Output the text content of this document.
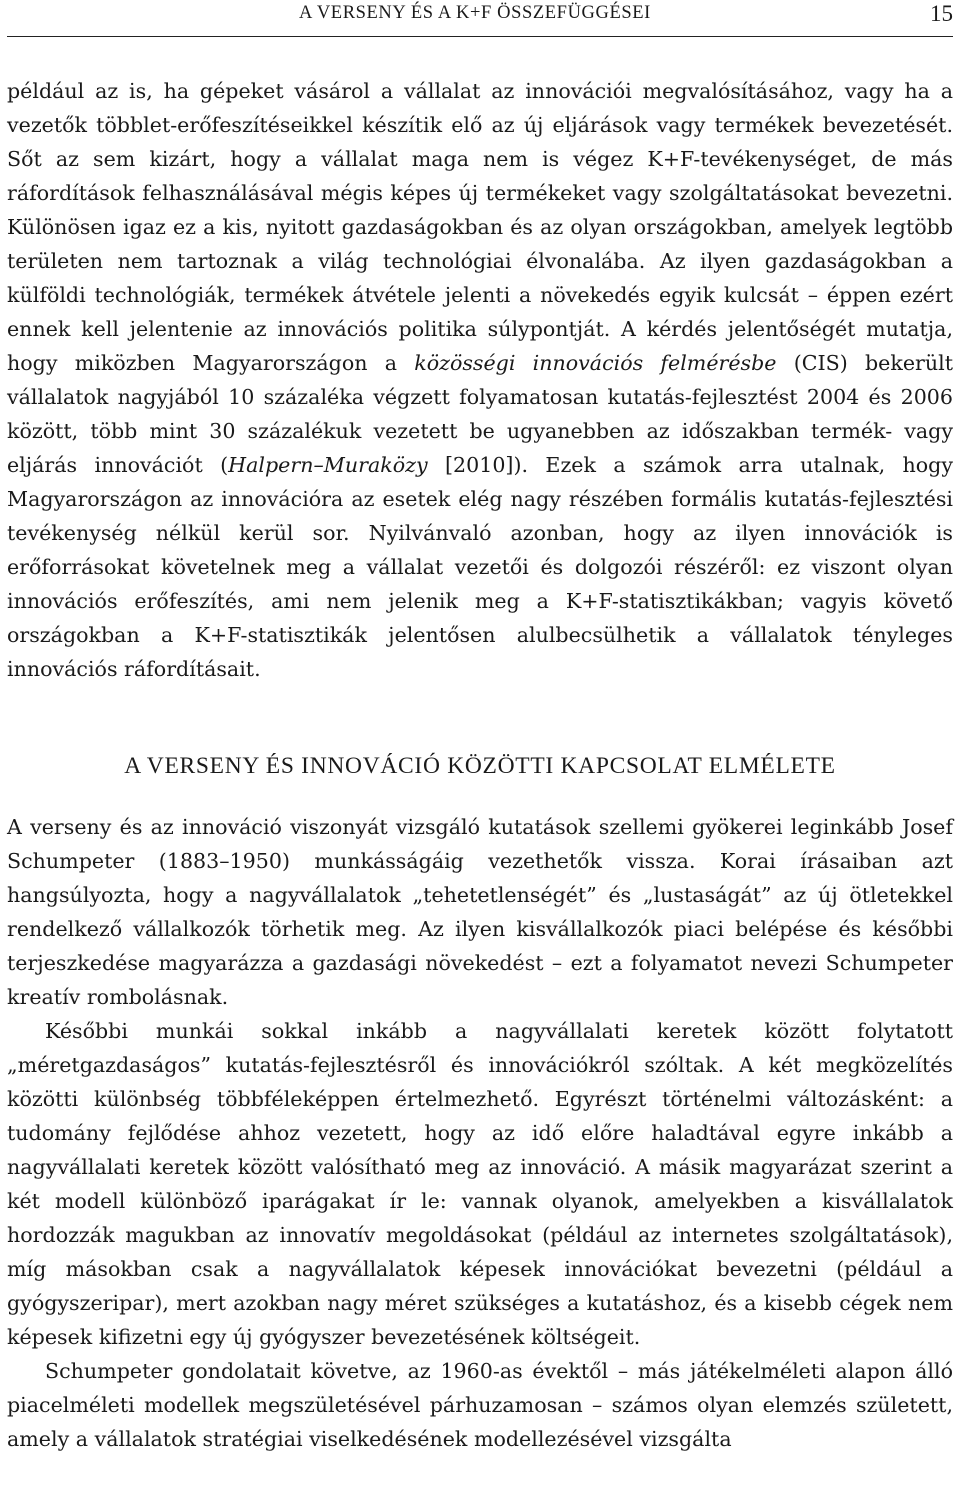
A VERSENY ÉS A K+F ÖSSZEFÜGGÉSEI	15

például az is, ha gépeket vásárol a vállalat az innovációi megvalósításához, vagy ha a vezetők többlet-erőfeszítéseikkel készítik elő az új eljárások vagy termékek bevezetését. Sőt az sem kizárt, hogy a vállalat maga nem is végez K+F-tevékenységet, de más ráfordítások felhasználásával mégis képes új termékeket vagy szolgáltatásokat bevezetni. Különösen igaz ez a kis, nyitott gazdaságokban és az olyan országokban, amelyek legtöbb területen nem tartoznak a világ technológiai élvonalába. Az ilyen gazdaságokban a külföldi technológiák, termékek átvétele jelenti a növekedés egyik kulcsát – éppen ezért ennek kell jelentenie az innovációs politika súlypontját. A kérdés jelentőségét mutatja, hogy miközben Magyarországon a közösségi innovációs felmérésbe (CIS) bekerült vállalatok nagyjából 10 százaléka végzett folyamatosan kutatás-fejlesztést 2004 és 2006 között, több mint 30 százalékuk vezetett be ugyanebben az időszakban termék- vagy eljárás innovációt (Halpern–Muraközy [2010]). Ezek a számok arra utalnak, hogy Magyarországon az innovációra az esetek elég nagy részében formális kutatás-fejlesztési tevékenység nélkül kerül sor. Nyilvánvaló azonban, hogy az ilyen innovációk is erőforrásokat követelnek meg a vállalat vezetői és dolgozói részéről: ez viszont olyan innovációs erőfeszítés, ami nem jelenik meg a K+F-statisztikákban; vagyis követő országokban a K+F-statisztikák jelentősen alulbecsülhetik a vállalatok tényleges innovációs ráfordításait.

A VERSENY ÉS INNOVÁCIÓ KÖZÖTTI KAPCSOLAT ELMÉLETE

A verseny és az innováció viszonyát vizsgáló kutatások szellemi gyökerei leginkább Josef Schumpeter (1883–1950) munkásságáig vezethetők vissza. Korai írásaiban azt hangsúlyozta, hogy a nagyvállalatok „tehetetlenségét” és „lustaságát” az új ötletekkel rendelkező vállalkozók törhetik meg. Az ilyen kisvállalkozók piaci belépése és későbbi terjeszkedése magyarázza a gazdasági növekedést – ezt a folyamatot nevezi Schumpeter kreatív rombolásnak.

Későbbi munkái sokkal inkább a nagyvállalati keretek között folytatott „méretgazdaságos” kutatás-fejlesztésről és innovációkról szóltak. A két megközelítés közötti különbség többféleképpen értelmezhető. Egyrészt történelmi változásként: a tudomány fejlődése ahhoz vezetett, hogy az idő előre haladtával egyre inkább a nagyvállalati keretek között valósítható meg az innováció. A másik magyarázat szerint a két modell különböző iparágakat ír le: vannak olyanok, amelyekben a kisvállalatok hordozzák magukban az innovatív megoldásokat (például az internetes szolgáltatások), míg másokban csak a nagyvállalatok képesek innovációkat bevezetni (például a gyógyszeripar), mert azokban nagy méret szükséges a kutatáshoz, és a kisebb cégek nem képesek kifizetni egy új gyógyszer bevezetésének költségeit.

Schumpeter gondolatait követve, az 1960-as évektől – más játékelméleti alapon álló piacelméleti modellek megszületésével párhuzamosan – számos olyan elemzés született, amely a vállalatok stratégiai viselkedésének modellezésével vizsgálta
